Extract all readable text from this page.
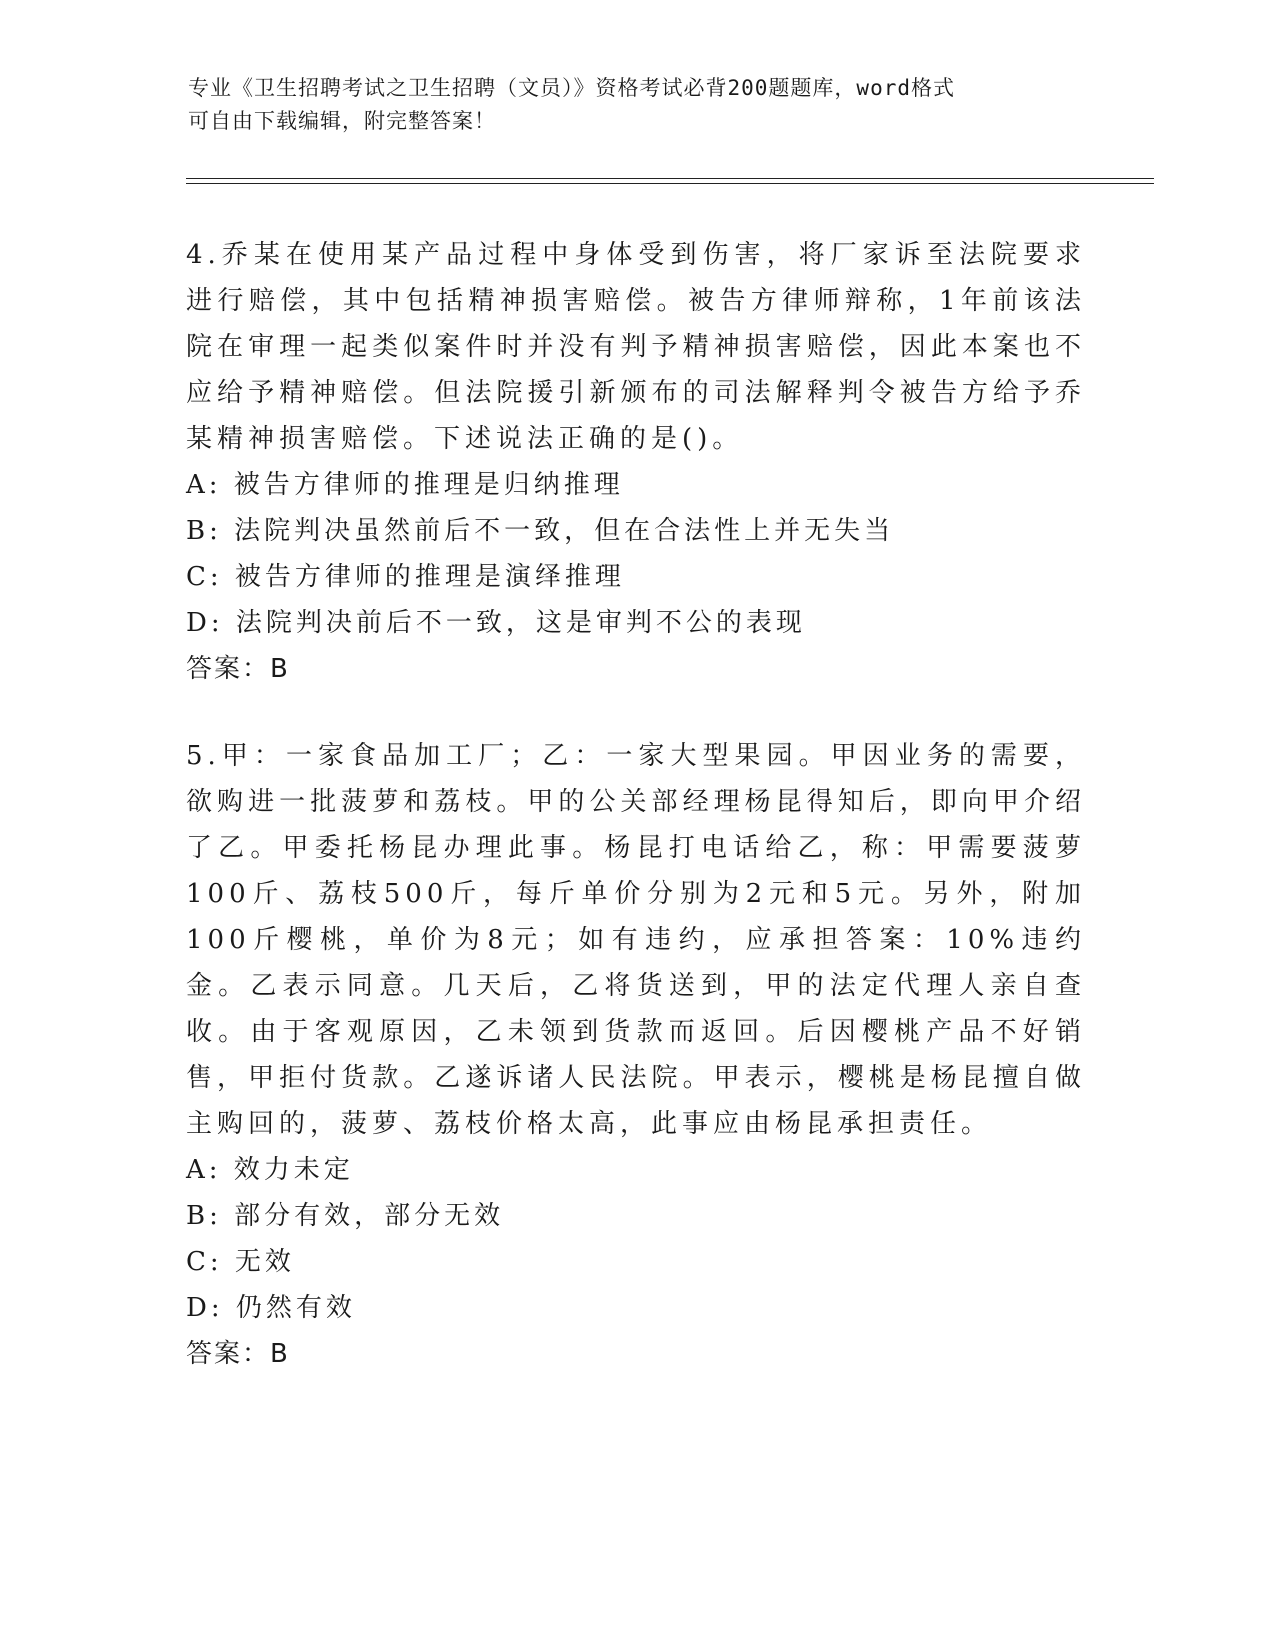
专业《卫生招聘考试之卫生招聘（文员）》资格考试必背200题题库，word格式
可自由下载编辑，附完整答案！

4.乔某在使用某产品过程中身体受到伤害，将厂家诉至法院要求进行赔偿，其中包括精神损害赔偿。被告方律师辩称，1年前该法院在审理一起类似案件时并没有判予精神损害赔偿，因此本案也不应给予精神赔偿。但法院援引新颁布的司法解释判令被告方给予乔某精神损害赔偿。下述说法正确的是()。

A: 被告方律师的推理是归纳推理
B: 法院判决虽然前后不一致，但在合法性上并无失当
C: 被告方律师的推理是演绎推理
D: 法院判决前后不一致，这是审判不公的表现

答案：B

5.甲：一家食品加工厂；乙：一家大型果园。甲因业务的需要，欲购进一批菠萝和荔枝。甲的公关部经理杨昆得知后，即向甲介绍了乙。甲委托杨昆办理此事。杨昆打电话给乙，称：甲需要菠萝100斤、荔枝500斤，每斤单价分别为2元和5元。另外，附加100斤樱桃，单价为8元；如有违约，应承担答案：10%违约金。乙表示同意。几天后，乙将货送到，甲的法定代理人亲自查收。由于客观原因，乙未领到货款而返回。后因樱桃产品不好销售，甲拒付货款。乙遂诉诸人民法院。甲表示，樱桃是杨昆擅自做主购回的，菠萝、荔枝价格太高，此事应由杨昆承担责任。

A: 效力未定
B: 部分有效，部分无效
C: 无效
D: 仍然有效

答案：B
